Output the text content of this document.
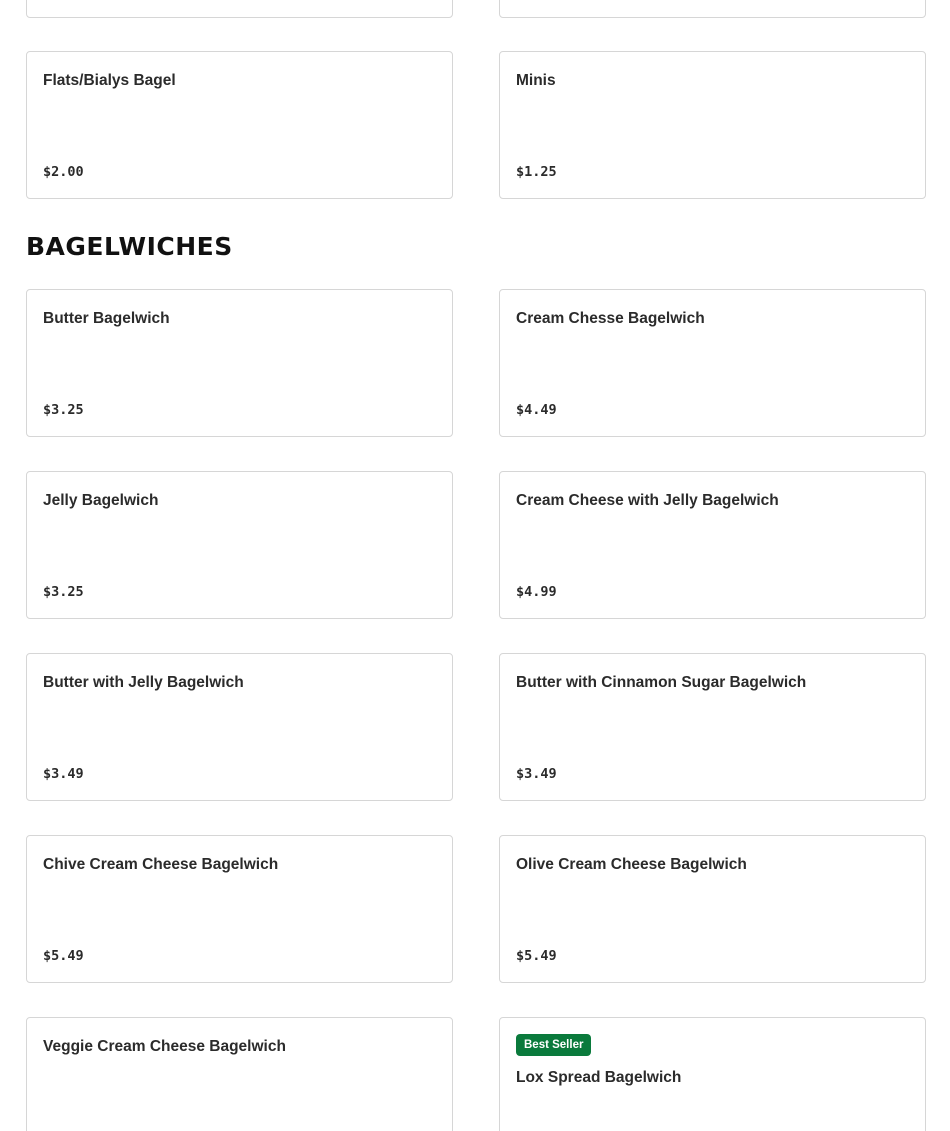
Flats/Bialys Bagel
$2.00
Minis
$1.25
BAGELWICHES
Butter Bagelwich
$3.25
Cream Chesse Bagelwich
$4.49
Jelly Bagelwich
$3.25
Cream Cheese with Jelly Bagelwich
$4.99
Butter with Jelly Bagelwich
$3.49
Butter with Cinnamon Sugar Bagelwich
$3.49
Chive Cream Cheese Bagelwich
$5.49
Olive Cream Cheese Bagelwich
$5.49
Veggie Cream Cheese Bagelwich	Best Seller
Lox Spread Bagelwich
